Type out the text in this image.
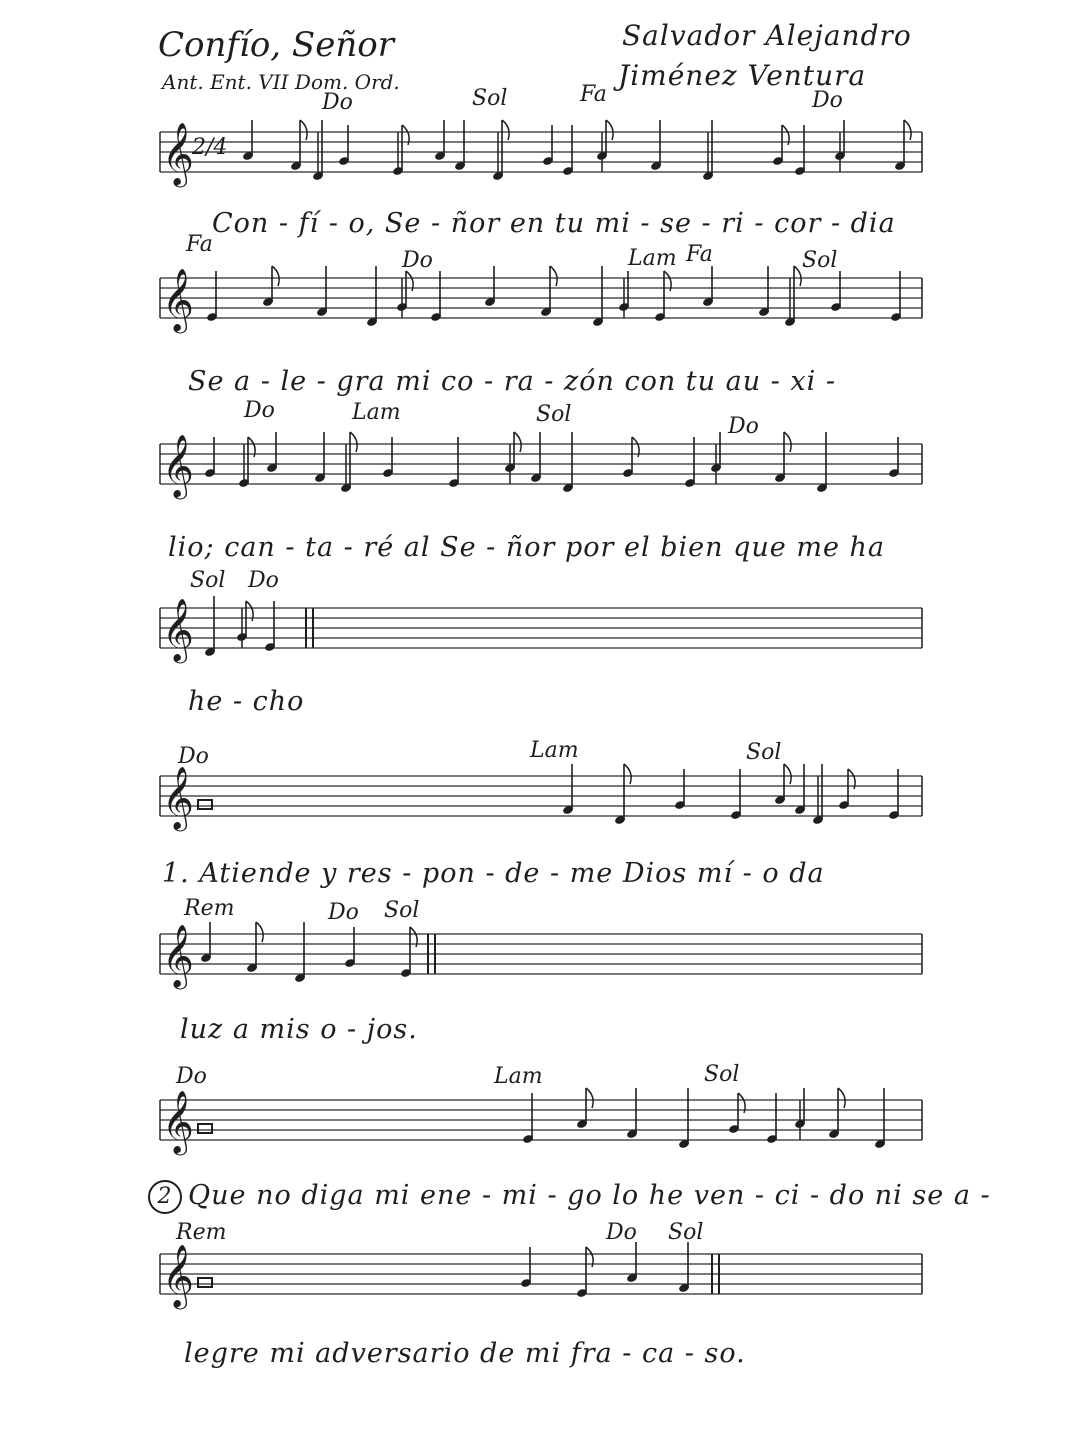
𝄞
2/4
𝄞
𝄞
𝄞
𝄞
𝄞
𝄞
𝄞
Confío, Señor
Ant. Ent. VII Dom. Ord.
Salvador Alejandro
Jiménez Ventura
Do	Sol	Fa	Do
Con - fí - o, Se - ñor en tu mi - se - ri - cor - dia
Fa
Do	Lam Fa	Sol
Se a - le - gra mi co - ra - zón con tu au - xi -
Do	Lam	Sol	Do
lio; can - ta - ré al Se - ñor por el bien que me ha
Sol Do
he - cho
Do	Lam	Sol
1. Atiende y res - pon - de - me Dios mí - o da
Rem	Do Sol
luz a mis o - jos.
Do	Lam	Sol
2 Que no diga mi ene - mi - go lo he ven - ci - do ni se a -
Rem	Do Sol
legre mi adversario de mi fra - ca - so.
